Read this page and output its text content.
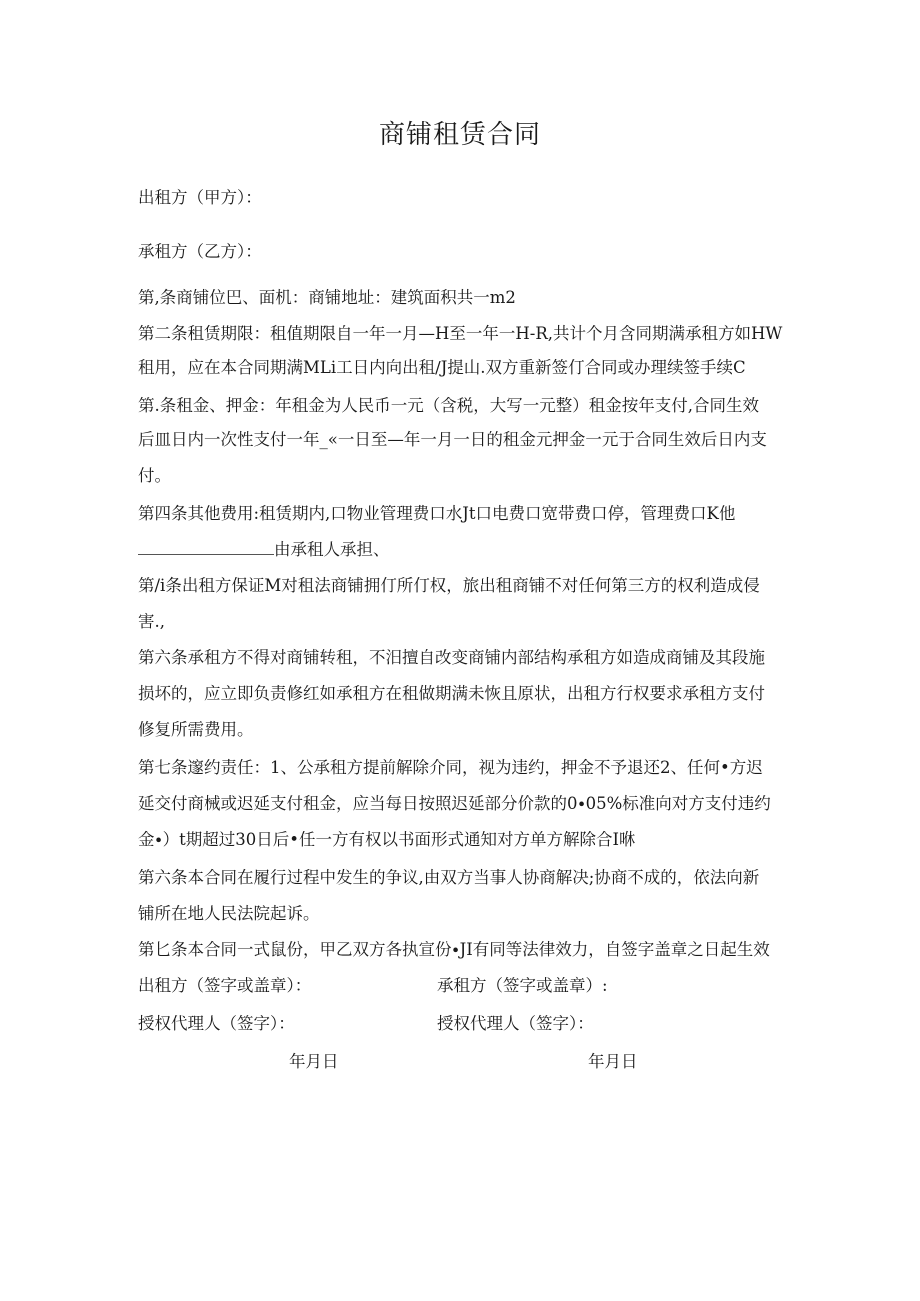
商铺租赁合同
出租方（甲方）：
承租方（乙方）：
第,条商铺位巴、面机：商铺地址：建筑面积共一m2
第二条租赁期限：租值期限自一年一月—H至一年一H-R,共计个月含同期满承租方如HW
租用，应在本合同期满MLi工日内向出租∕J提山.双方重新签仃合同或办理续签手续C
第.条租金、押金：年租金为人民币一元（含税，大写一元整）租金按年支付,合同生效
后皿日内一次性支付一年_«一日至—年一月一日的租金元押金一元于合同生效后日内支
付。
第四条其他费用:租赁期内,口物业管理费口水Jt口电费口宽带费口停，管理费口K他
由承租人承担、
第/i条出租方保证M对租法商铺拥仃所仃权，旅出租商铺不对任何第三方的权利造成侵
害.,
第六条承租方不得对商铺转租，不汨擅自改变商铺内部结构承租方如造成商铺及其段施
损坏的，应立即负责修红如承租方在租做期满未恢且原状，出租方行权要求承租方支付
修复所需费用。
第七条邃约责任：1、公承租方提前解除介同，视为违约，押金不予退还2、任何•方迟
延交付商械或迟延支付租金，应当每日按照迟延部分价款的0∙05%标准向对方支付违约
金∙）t期超过30日后•任一方有权以书面形式通知对方单方解除合I咻
第六条本合同在履行过程中发生的争议,由双方当事人协商解决;协商不成的，依法向新
铺所在地人民法院起诉。
第匕条本合同一式鼠份，甲乙双方各执宣份∙JI有同等法律效力，自签字盖章之日起生效
出租方（签字或盖章）：	承租方（签字或盖章）:
授权代理人（签字）：	授权代理人（签字）：
年月日	年月日
